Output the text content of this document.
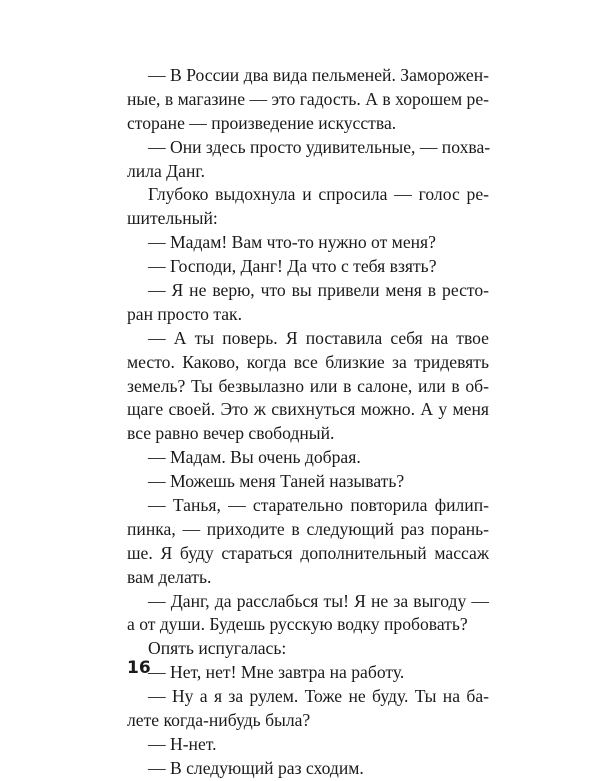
— В России два вида пельменей. Заморожен-
ные, в магазине — это гадость. А в хорошем ре-
сторане — произведение искусства.
— Они здесь просто удивительные, — похва-
лила Данг.
Глубоко выдохнула и спросила — голос ре-
шительный:
— Мадам! Вам что-то нужно от меня?
— Господи, Данг! Да что с тебя взять?
— Я не верю, что вы привели меня в ресто-
ран просто так.
— А ты поверь. Я поставила себя на твое
место. Каково, когда все близкие за тридевять
земель? Ты безвылазно или в салоне, или в об-
щаге своей. Это ж свихнуться можно. А у меня
все равно вечер свободный.
— Мадам. Вы очень добрая.
— Можешь меня Таней называть?
— Танья, — старательно повторила филип-
пинка, — приходите в следующий раз порань-
ше. Я буду стараться дополнительный массаж
вам делать.
— Данг, да расслабься ты! Я не за выгоду —
а от души. Будешь русскую водку пробовать?
Опять испугалась:
— Нет, нет! Мне завтра на работу.
— Ну а я за рулем. Тоже не буду. Ты на ба-
лете когда-нибудь была?
— Н-нет.
— В следующий раз сходим.
16
